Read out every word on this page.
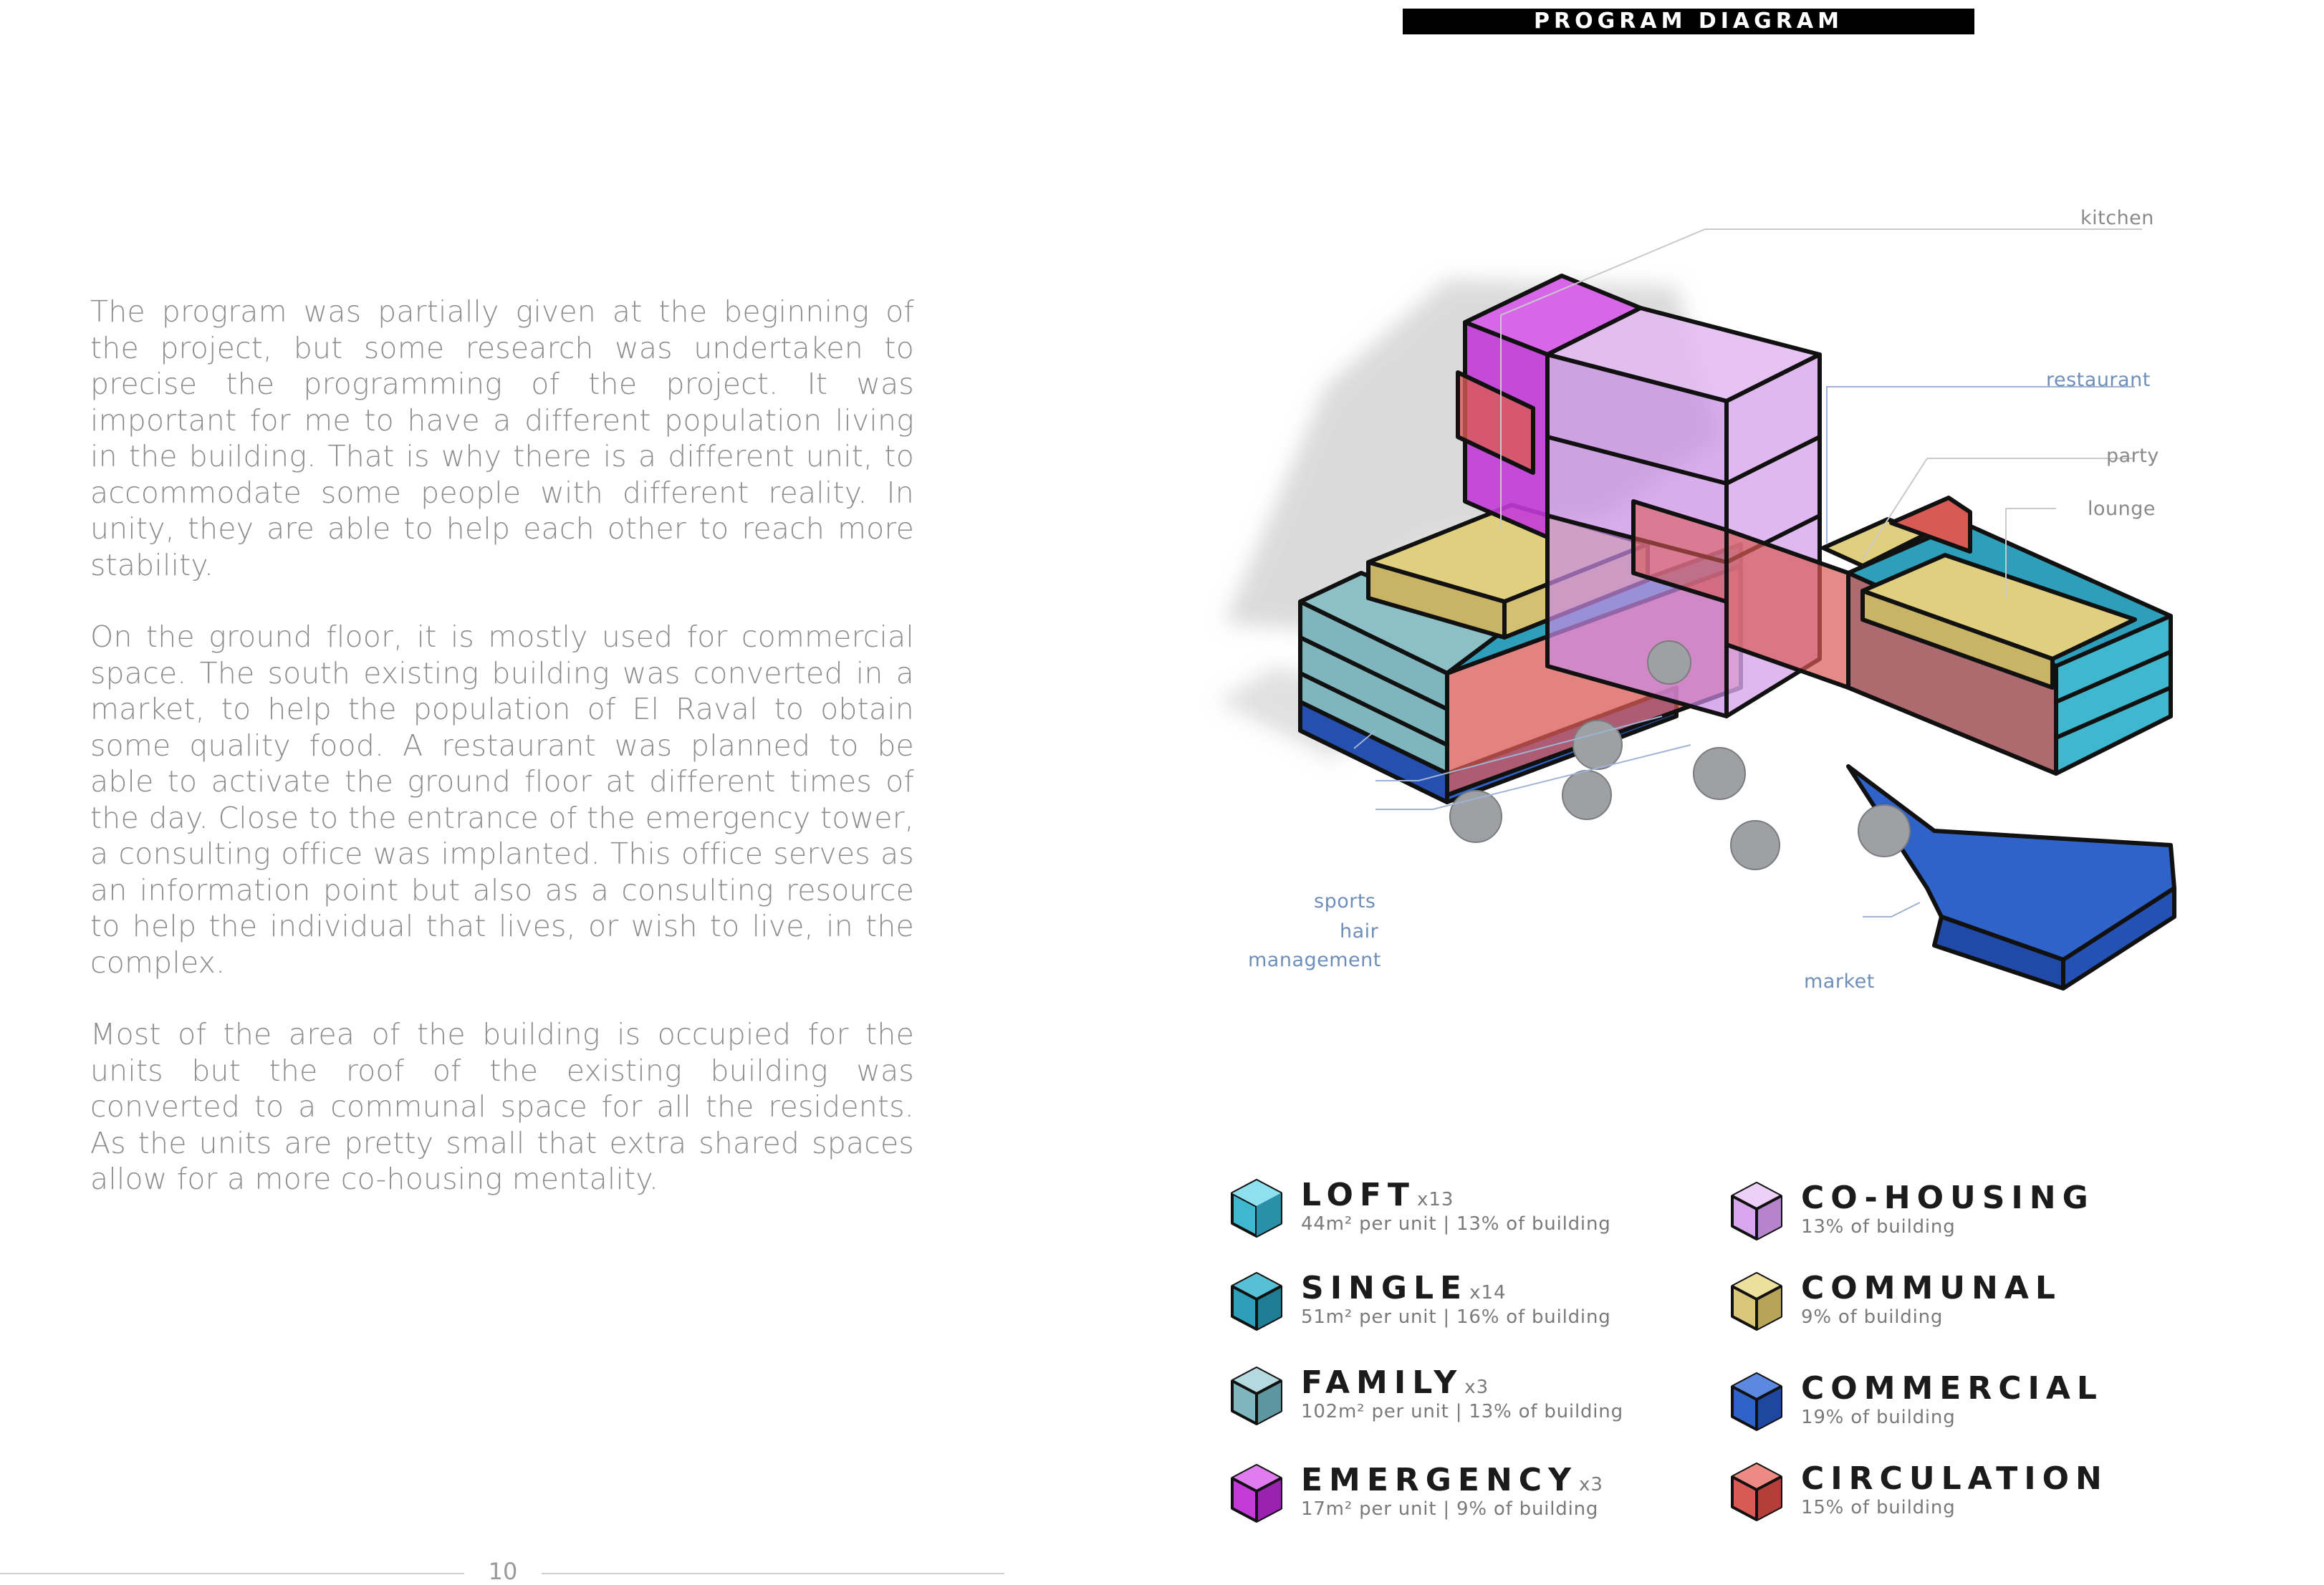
The program was partially given at the beginning of the project, but some research was undertaken to precise the programming of the project. It was important for me to have a different population living in the building. That is why there is a different unit, to accommodate some people with different reality. In unity, they are able to help each other to reach more stability.

On the ground floor, it is mostly used for commercial space. The south existing building was converted in a market, to help the population of El Raval to obtain some quality food. A restaurant was planned to be able to activate the ground floor at different times of the day. Close to the entrance of the emergency tower, a consulting office was implanted. This office serves as an information point but also as a consulting resource to help the individual that lives, or wish to live, in the complex.

Most of the area of the building is occupied for the units but the roof of the existing building was converted to a communal space for all the residents. As the units are pretty small that extra shared spaces allow for a more co-housing mentality.

10
PROGRAM DIAGRAM
kitchen
restaurant
party
lounge
sports
hair
management
market
LOFTx13
44m² per unit | 13% of building
SINGLEx14
51m² per unit | 16% of building
FAMILYx3
102m² per unit | 13% of building
EMERGENCYx3
17m² per unit | 9% of building
CO-HOUSING
13% of building
COMMUNAL
9% of building
COMMERCIAL
19% of building
CIRCULATION
15% of building
